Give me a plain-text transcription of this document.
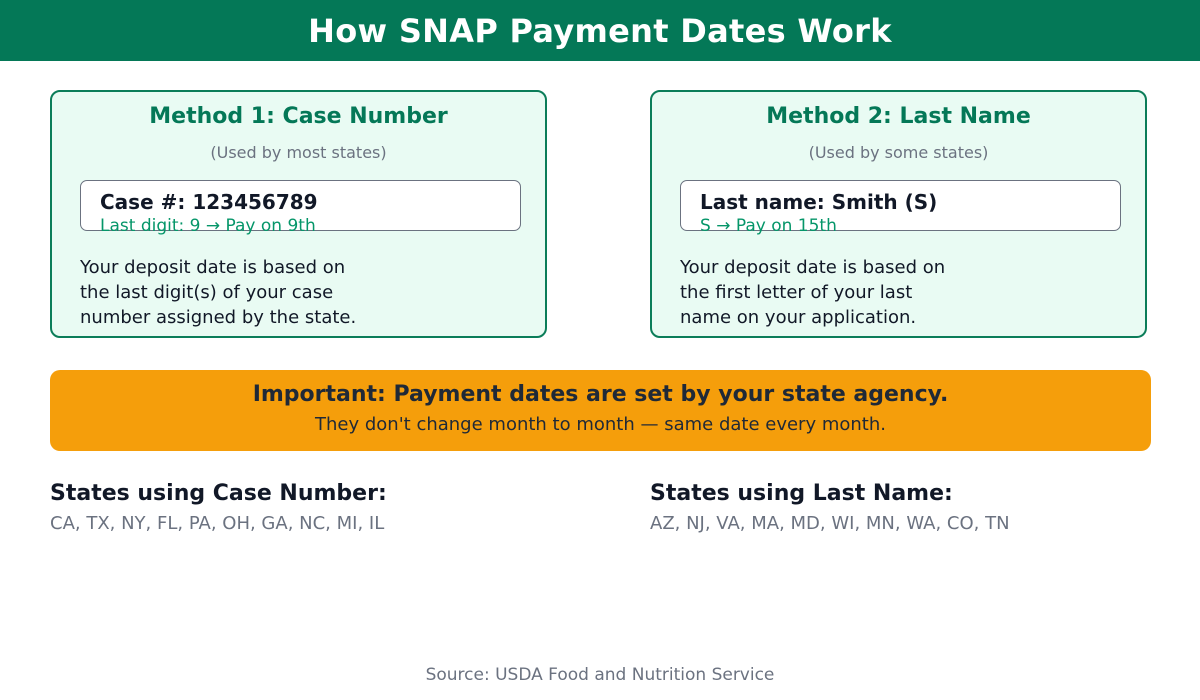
How SNAP Payment Dates Work
Method 1: Case Number
(Used by most states)
Case #: 123456789
Last digit: 9 → Pay on 9th
Your deposit date is based on
the last digit(s) of your case
number assigned by the state.
Method 2: Last Name
(Used by some states)
Last name: Smith (S)
S → Pay on 15th
Your deposit date is based on
the first letter of your last
name on your application.
Important: Payment dates are set by your state agency.
They don't change month to month — same date every month.
States using Case Number:
CA, TX, NY, FL, PA, OH, GA, NC, MI, IL
States using Last Name:
AZ, NJ, VA, MA, MD, WI, MN, WA, CO, TN
Source: USDA Food and Nutrition Service
